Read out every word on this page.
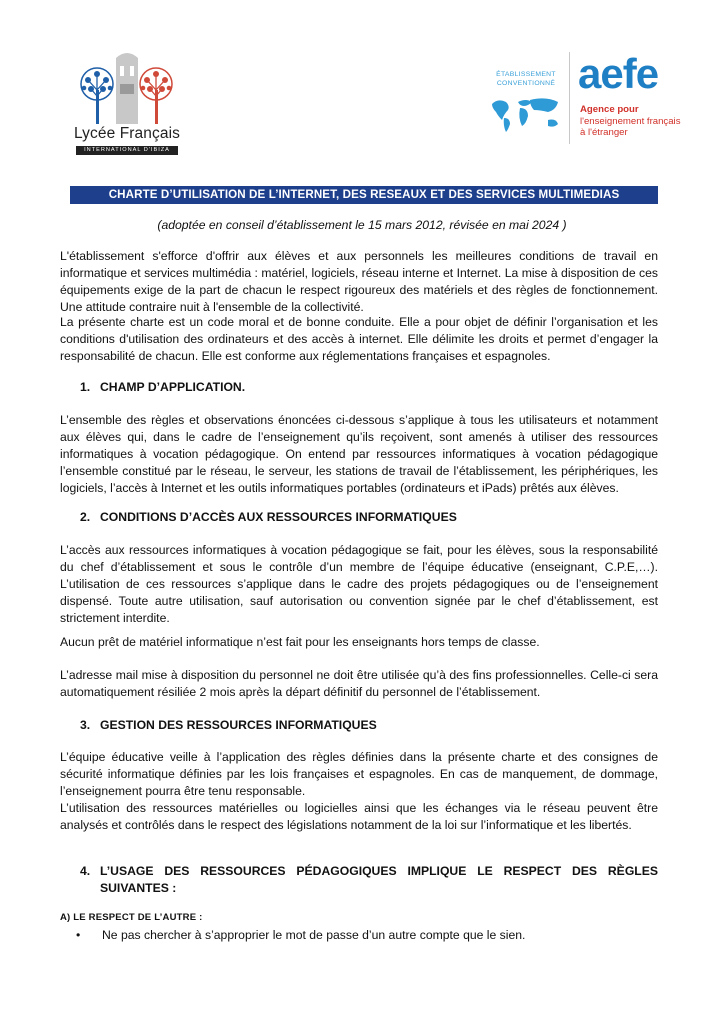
Lycée Français
INTERNATIONAL D'IBIZA
ÉTABLISSEMENT CONVENTIONNÉ aefe
Agence pour
l'enseignement français
à l'étranger
CHARTE D’UTILISATION DE L’INTERNET, DES RESEAUX ET DES SERVICES MULTIMEDIAS
(adoptée en conseil d’établissement le 15 mars 2012, révisée en mai 2024 )
L'établissement s'efforce d'offrir aux élèves et aux personnels les meilleures conditions de travail en informatique et services multimédia : matériel, logiciels, réseau interne et Internet. La mise à disposition de ces équipements exige de la part de chacun le respect rigoureux des matériels et des règles de fonctionnement. Une attitude contraire nuit à l'ensemble de la collectivité.
La présente charte est un code moral et de bonne conduite. Elle a pour objet de définir l’organisation et les conditions d'utilisation des ordinateurs et des accès à internet. Elle délimite les droits et permet d’engager la responsabilité de chacun. Elle est conforme aux réglementations françaises et espagnoles.
1. CHAMP D’APPLICATION.
L’ensemble des règles et observations énoncées ci-dessous s’applique à tous les utilisateurs et notamment aux élèves qui, dans le cadre de l’enseignement qu’ils reçoivent, sont amenés à utiliser des ressources informatiques à vocation pédagogique. On entend par ressources informatiques à vocation pédagogique l’ensemble constitué par le réseau, le serveur, les stations de travail de l’établissement, les périphériques, les logiciels, l’accès à Internet et les outils informatiques portables (ordinateurs et iPads) prêtés aux élèves.
2. CONDITIONS D’ACCÈS AUX RESSOURCES INFORMATIQUES
L’accès aux ressources informatiques à vocation pédagogique se fait, pour les élèves, sous la responsabilité du chef d’établissement et sous le contrôle d’un membre de l’équipe éducative (enseignant, C.P.E,…). L’utilisation de ces ressources s’applique dans le cadre des projets pédagogiques ou de l’enseignement dispensé. Toute autre utilisation, sauf autorisation ou convention signée par le chef d’établissement, est strictement interdite.
Aucun prêt de matériel informatique n’est fait pour les enseignants hors temps de classe.
L’adresse mail mise à disposition du personnel ne doit être utilisée qu’à des fins professionnelles. Celle-ci sera automatiquement résiliée 2 mois après la départ définitif du personnel de l’établissement.
3. GESTION DES RESSOURCES INFORMATIQUES
L’équipe éducative veille à l’application des règles définies dans la présente charte et des consignes de sécurité informatique définies par les lois françaises et espagnoles. En cas de manquement, de dommage, l’enseignement pourra être tenu responsable.
L’utilisation des ressources matérielles ou logicielles ainsi que les échanges via le réseau peuvent être analysés et contrôlés dans le respect des législations notamment de la loi sur l’informatique et les libertés.
4. L’USAGE DES RESSOURCES PÉDAGOGIQUES IMPLIQUE LE RESPECT DES RÈGLES
SUIVANTES :
A) LE RESPECT DE L’AUTRE :
• Ne pas chercher à s’approprier le mot de passe d’un autre compte que le sien.
